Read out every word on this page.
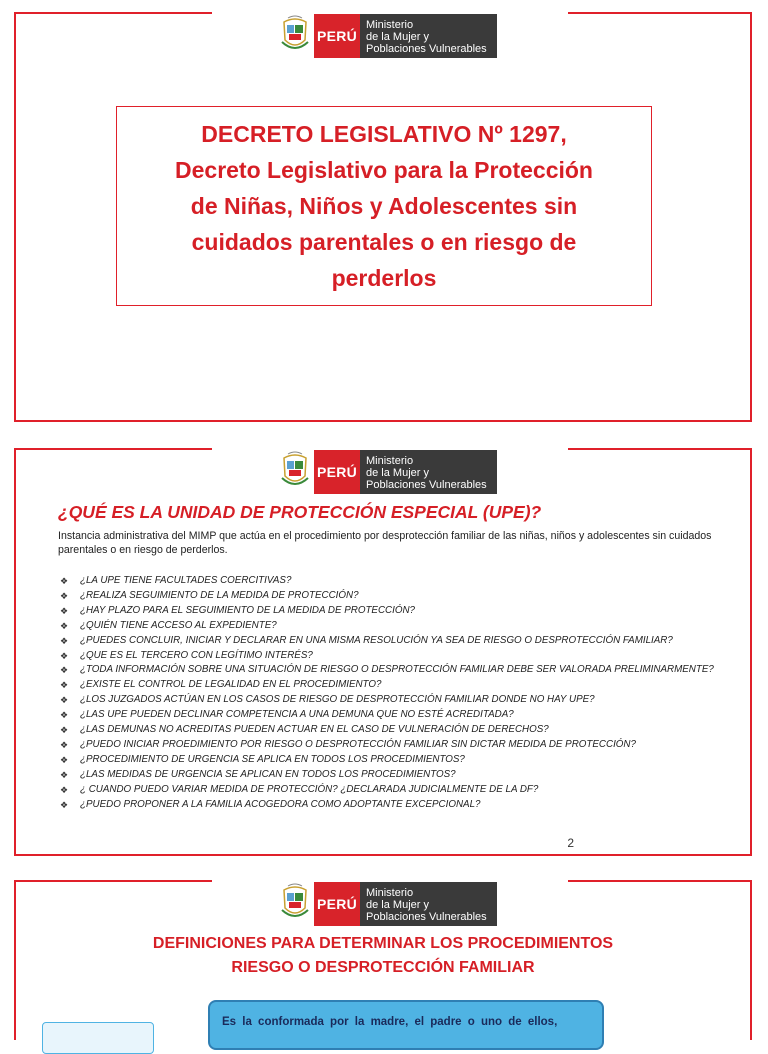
PERÚ
Ministerio
de la Mujer y
Poblaciones Vulnerables
DECRETO LEGISLATIVO Nº 1297,
Decreto Legislativo para la Protección
de Niñas, Niños y Adolescentes sin
cuidados parentales o en riesgo de
perderlos
PERÚ
Ministerio
de la Mujer y
Poblaciones Vulnerables
¿QUÉ ES LA UNIDAD DE PROTECCIÓN ESPECIAL (UPE)?
Instancia administrativa del MIMP que actúa en el procedimiento por desprotección familiar de las niñas, niños y adolescentes sin cuidados parentales o en riesgo de perderlos.
❖ ¿LA UPE TIENE FACULTADES COERCITIVAS?
❖ ¿REALIZA SEGUIMIENTO DE LA MEDIDA DE PROTECCIÓN?
❖ ¿HAY PLAZO PARA EL SEGUIMIENTO DE LA MEDIDA DE PROTECCIÓN?
❖ ¿QUIÉN TIENE ACCESO AL EXPEDIENTE?
❖ ¿PUEDES CONCLUIR, INICIAR Y DECLARAR EN UNA MISMA RESOLUCIÓN YA SEA DE RIESGO O DESPROTECCIÓN FAMILIAR?
❖ ¿QUE ES EL TERCERO CON LEGÍTIMO INTERÉS?
❖ ¿TODA INFORMACIÓN SOBRE UNA SITUACIÓN DE RIESGO O DESPROTECCIÓN FAMILIAR DEBE SER VALORADA PRELIMINARMENTE?
❖ ¿EXISTE EL CONTROL DE LEGALIDAD EN EL PROCEDIMIENTO?
❖ ¿LOS JUZGADOS ACTÚAN EN LOS CASOS DE RIESGO DE DESPROTECCIÓN FAMILIAR DONDE NO HAY UPE?
❖ ¿LAS UPE PUEDEN DECLINAR COMPETENCIA A UNA DEMUNA QUE NO ESTÉ ACREDITADA?
❖ ¿LAS DEMUNAS NO ACREDITAS PUEDEN ACTUAR EN EL CASO DE VULNERACIÓN DE DERECHOS?
❖ ¿PUEDO INICIAR PROEDIMIENTO POR RIESGO O DESPROTECCIÓN FAMILIAR SIN DICTAR MEDIDA DE PROTECCIÓN?
❖ ¿PROCEDIMIENTO DE URGENCIA SE APLICA EN TODOS LOS PROCEDIMIENTOS?
❖ ¿LAS MEDIDAS DE URGENCIA SE APLICAN EN TODOS LOS PROCEDIMIENTOS?
❖ ¿ CUANDO PUEDO VARIAR MEDIDA DE PROTECCIÓN? ¿DECLARADA JUDICIALMENTE DE LA DF?
❖ ¿PUEDO PROPONER A LA FAMILIA ACOGEDORA COMO ADOPTANTE EXCEPCIONAL?
2
PERÚ
Ministerio
de la Mujer y
Poblaciones Vulnerables
DEFINICIONES PARA DETERMINAR LOS PROCEDIMIENTOS
RIESGO O DESPROTECCIÓN FAMILIAR
Es la conformada por la madre, el padre o uno de ellos,
